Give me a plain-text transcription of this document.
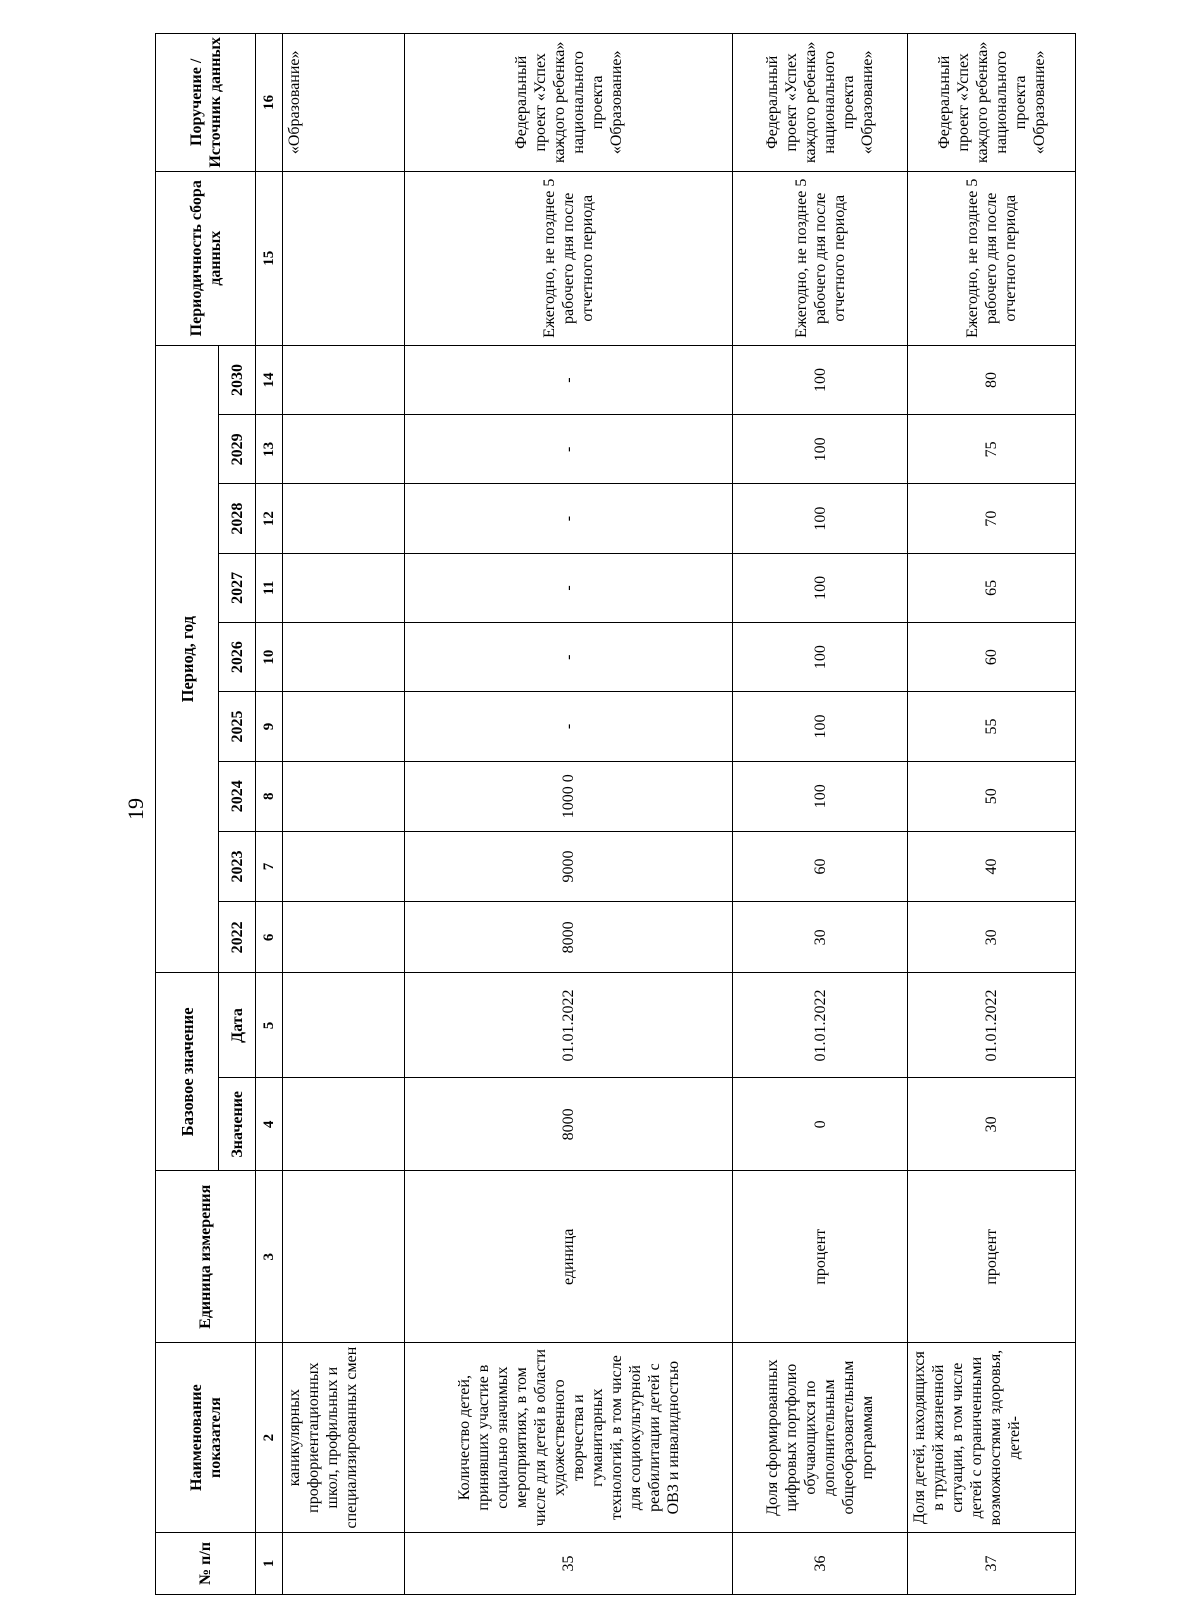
19
№ п/п	Наименование показателя	Единица измерения	Базовое значение		Период, год									Периодичность сбора данных	Поручение / Источник данных
			Значение	Дата	2022	2023	2024	2025	2026	2027	2028	2029	2030		
1	2	3	4	5	6	7	8	9	10	11	12	13	14	15	16
	каникулярных профориентационных школ, профильных и специализированных смен														«Образование»
35	Количество детей, принявших участие в социально значимых мероприятиях, в том числе для детей в области художественного творчества и гуманитарных технологий, в том числе для социокультурной реабилитации детей с ОВЗ и инвалидностью	единица	8000	01.01.2022	8000	9000	1000 0	-	-	-	-	-	-	Ежегодно, не позднее 5 рабочего дня после отчетного периода	Федеральный проект «Успех каждого ребенка» национального проекта «Образование»
36	Доля сформированных цифровых портфолио обучающихся по дополнительным общеобразовательным программам	процент	0	01.01.2022	30	60	100	100	100	100	100	100	100	Ежегодно, не позднее 5 рабочего дня после отчетного периода	Федеральный проект «Успех каждого ребенка» национального проекта «Образование»
37	Доля детей, находящихся в трудной жизненной ситуации, в том числе детей с ограниченными возможностями здоровья, детей-	процент	30	01.01.2022	30	40	50	55	60	65	70	75	80	Ежегодно, не позднее 5 рабочего дня после отчетного периода	Федеральный проект «Успех каждого ребенка» национального проекта «Образование»
